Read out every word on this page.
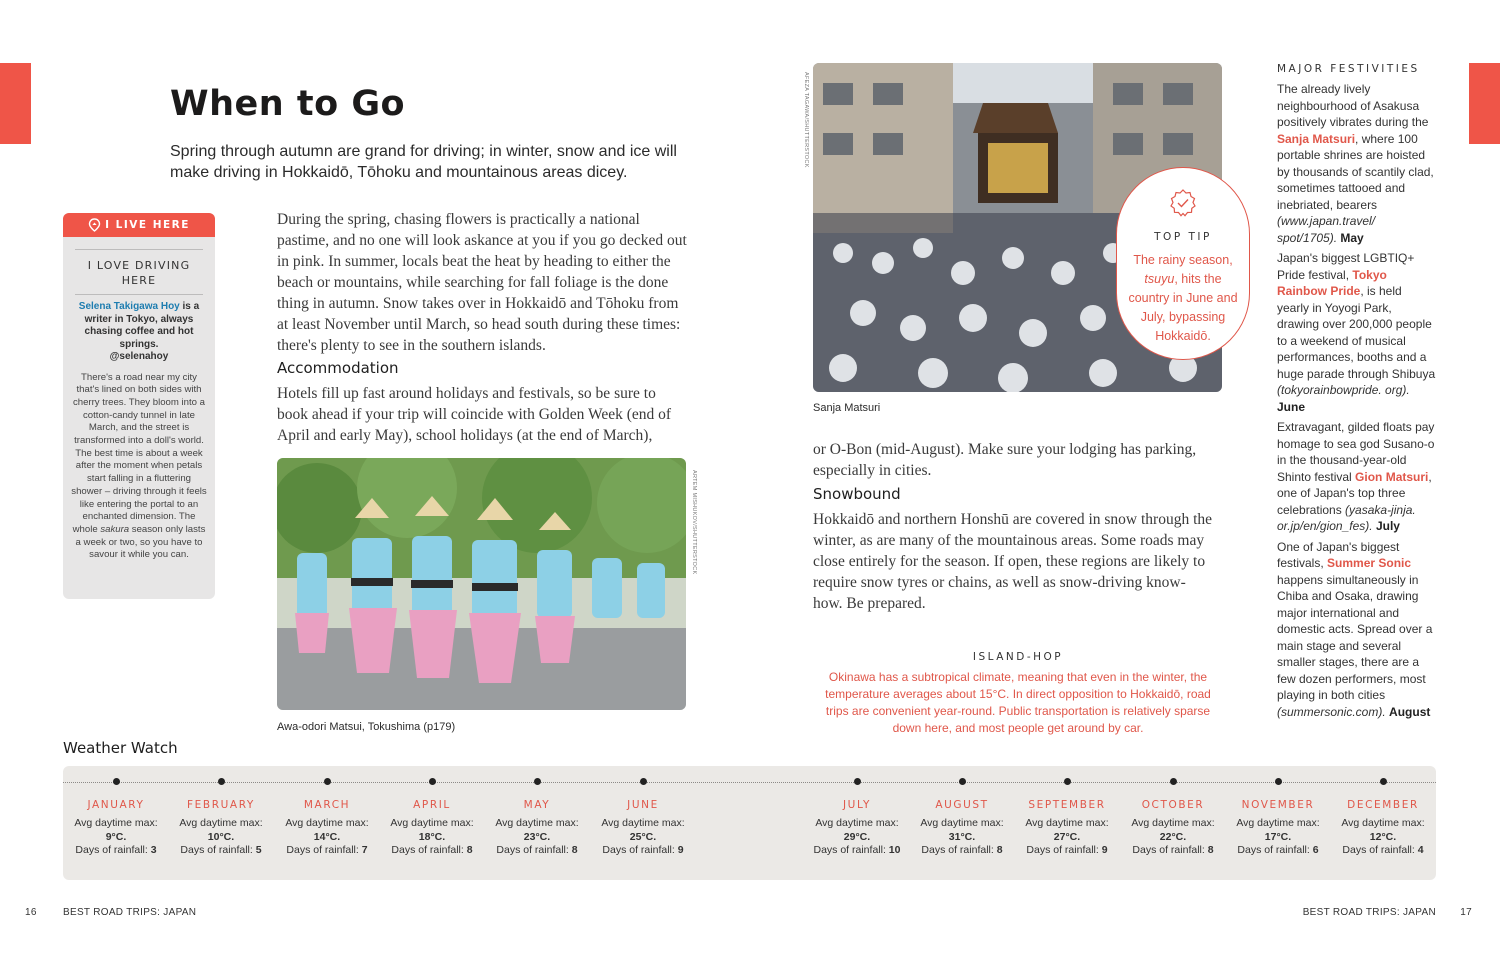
When to Go

Spring through autumn are grand for driving; in winter, snow and ice will make driving in Hokkaidō, Tōhoku and mountainous areas dicey.

I LIVE HERE
I LOVE DRIVING HERE
Selena Takigawa Hoy is a writer in Tokyo, always chasing coffee and hot springs.
@selenahoy
There's a road near my city that's lined on both sides with cherry trees. They bloom into a cotton-candy tunnel in late March, and the street is transformed into a doll's world. The best time is about a week after the moment when petals start falling in a fluttering shower – driving through it feels like entering the portal to an enchanted dimension. The whole sakura season only lasts a week or two, so you have to savour it while you can.

During the spring, chasing flowers is practically a national pastime, and no one will look askance at you if you go decked out in pink. In summer, locals beat the heat by heading to either the beach or mountains, while searching for fall foliage is the done thing in autumn. Snow takes over in Hokkaidō and Tōhoku from at least November until March, so head south during these times: there's plenty to see in the southern islands.

Accommodation

Hotels fill up fast around holidays and festivals, so be sure to book ahead if your trip will coincide with Golden Week (end of April and early May), school holidays (at the end of March),

Awa-odori Matsui, Tokushima (p179)
ARTEM MISHUKOV/SHUTTERSTOCK
Sanja Matsuri
AFEZA TAGAWA/SHUTTERSTOCK
TOP TIP
The rainy season, tsuyu, hits the country in June and July, bypassing Hokkaidō.

or O-Bon (mid-August). Make sure your lodging has parking, especially in cities.

Snowbound

Hokkaidō and northern Honshū are covered in snow through the winter, as are many of the mountainous areas. Some roads may close entirely for the season. If open, these regions are likely to require snow tyres or chains, as well as snow-driving know-how. Be prepared.

ISLAND-HOP

Okinawa has a subtropical climate, meaning that even in the winter, the temperature averages about 15°C. In direct opposition to Hokkaidō, road trips are convenient year-round. Public transportation is relatively sparse down here, and most people get around by car.

MAJOR FESTIVITIES

The already lively neighbourhood of Asakusa positively vibrates during the Sanja Matsuri, where 100 portable shrines are hoisted by thousands of scantily clad, sometimes tattooed and inebriated, bearers (www.japan.travel/ spot/1705). May

Japan's biggest LGBTIQ+ Pride festival, Tokyo Rainbow Pride, is held yearly in Yoyogi Park, drawing over 200,000 people to a weekend of musical performances, booths and a huge parade through Shibuya (tokyorainbowpride. org). June

Extravagant, gilded floats pay homage to sea god Susano-o in the thousand-year-old Shinto festival Gion Matsuri, one of Japan's top three celebrations (yasaka-jinja. or.jp/en/gion_fes). July

One of Japan's biggest festivals, Summer Sonic happens simultaneously in Chiba and Osaka, drawing major international and domestic acts. Spread over a main stage and several smaller stages, there are a few dozen performers, most playing in both cities (summersonic.com). August

Weather Watch
JANUARY
Avg daytime max:
9°C.
Days of rainfall: 3
FEBRUARY
Avg daytime max:
10°C.
Days of rainfall: 5
MARCH
Avg daytime max:
14°C.
Days of rainfall: 7
APRIL
Avg daytime max:
18°C.
Days of rainfall: 8
MAY
Avg daytime max:
23°C.
Days of rainfall: 8
JUNE
Avg daytime max:
25°C.
Days of rainfall: 9
JULY
Avg daytime max:
29°C.
Days of rainfall: 10
AUGUST
Avg daytime max:
31°C.
Days of rainfall: 8
SEPTEMBER
Avg daytime max:
27°C.
Days of rainfall: 9
OCTOBER
Avg daytime max:
22°C.
Days of rainfall: 8
NOVEMBER
Avg daytime max:
17°C.
Days of rainfall: 6
DECEMBER
Avg daytime max:
12°C.
Days of rainfall: 4
16	BEST ROAD TRIPS: JAPAN	BEST ROAD TRIPS: JAPAN 17
